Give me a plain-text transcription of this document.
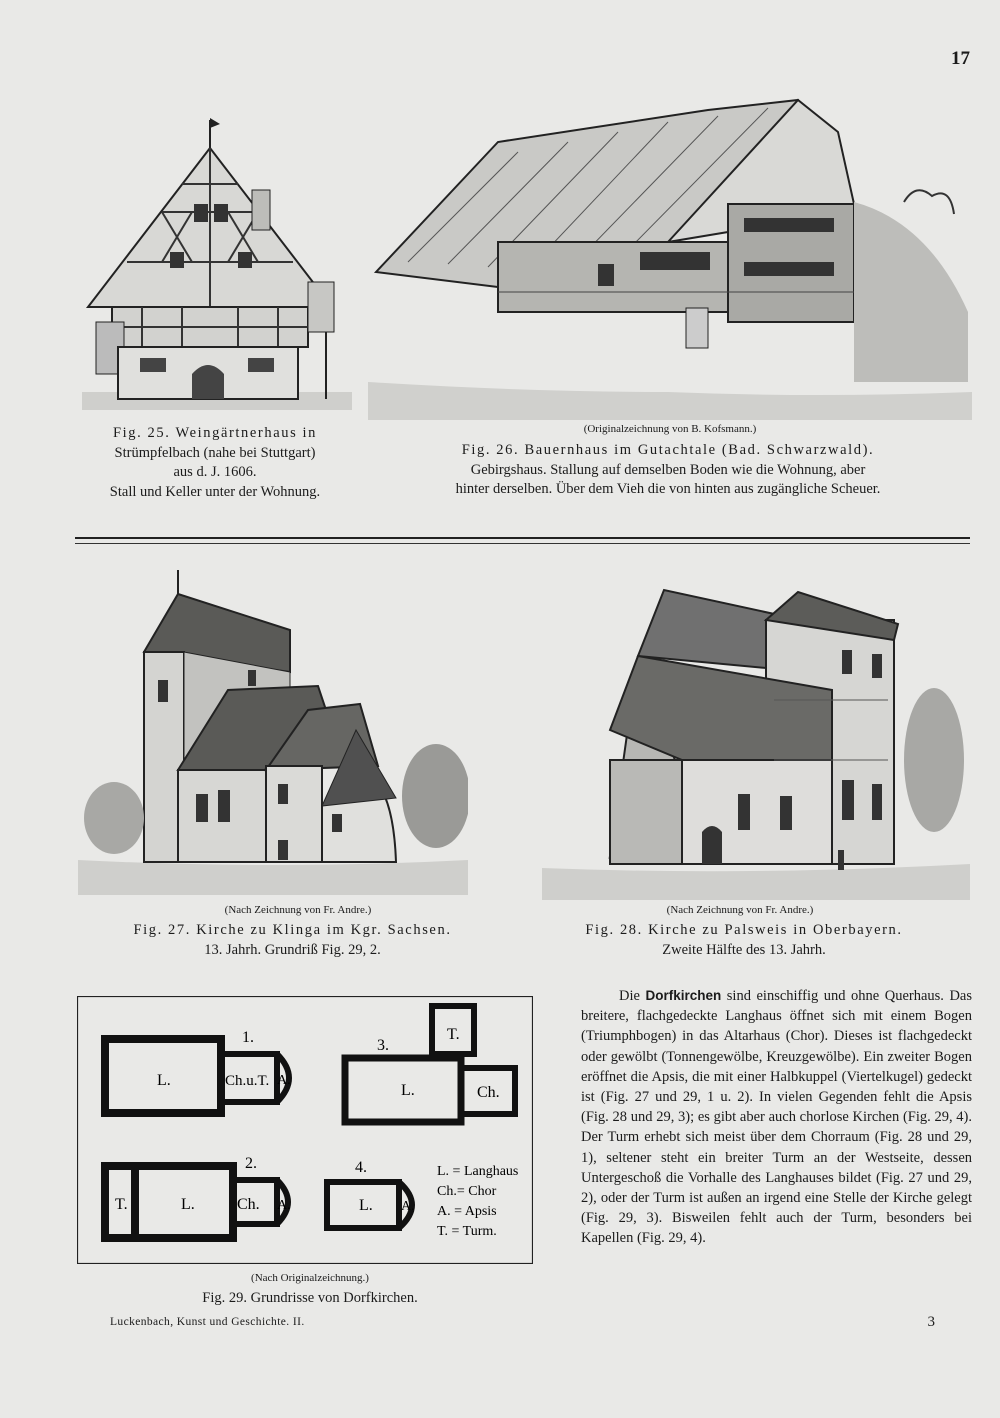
17
Fig. 25. Weingärtnerhaus in
Strümpfelbach (nahe bei Stuttgart)
aus d. J. 1606.
Stall und Keller unter der Wohnung.
(Originalzeichnung von B. Kofsmann.)
Fig. 26. Bauernhaus im Gutachtale (Bad. Schwarzwald).
Gebirgshaus. Stallung auf demselben Boden wie die Wohnung, aber
hinter derselben. Über dem Vieh die von hinten aus zugängliche Scheuer.
(Nach Zeichnung von Fr. Andre.)
Fig. 27. Kirche zu Klinga im Kgr. Sachsen.
13. Jahrh. Grundriß Fig. 29, 2.
(Nach Zeichnung von Fr. Andre.)
Fig. 28. Kirche zu Palsweis in Oberbayern.
Zweite Hälfte des 13. Jahrh.
1.
L.	Ch.u.T. A.
3.
T.
L.	Ch.
2.
T.	L.	Ch. A.
4.
L. A.
L. = Langhaus
Ch.= Chor
A. = Apsis
T. = Turm.
(Nach Originalzeichnung.)
Fig. 29. Grundrisse von Dorfkirchen.

Die Dorfkirchen sind einschiffig und ohne Querhaus. Das breitere, flachgedeckte Langhaus öffnet sich mit einem Bogen (Triumphbogen) in das Altarhaus (Chor). Dieses ist flachgedeckt oder gewölbt (Tonnengewölbe, Kreuzgewölbe). Ein zweiter Bogen eröffnet die Apsis, die mit einer Halbkuppel (Viertelkugel) gedeckt ist (Fig. 27 und 29, 1 u. 2). In vielen Gegenden fehlt die Apsis (Fig. 28 und 29, 3); es gibt aber auch chorlose Kirchen (Fig. 29, 4). Der Turm erhebt sich meist über dem Chorraum (Fig. 28 und 29, 1), seltener steht ein breiter Turm an der Westseite, dessen Untergeschoß die Vorhalle des Langhauses bildet (Fig. 27 und 29, 2), oder der Turm ist außen an irgend eine Stelle der Kirche gelegt (Fig. 29, 3). Bisweilen fehlt auch der Turm, besonders bei Kapellen (Fig. 29, 4).

Luckenbach, Kunst und Geschichte. II.	3
